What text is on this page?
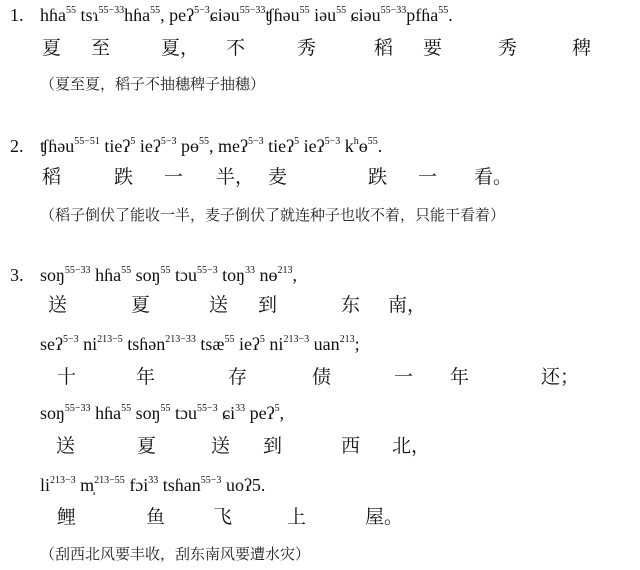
1. hɦa$^{55}$ tsɿ$^{55-33}$hɦa$^{55}$, peʔ$^{5-3}$ɕiəu$^{55-33}$ʧɦəu$^{55}$ iəu$^{55}$ ɕiəu$^{55-33}$pfɦa$^{55}$.
夏 至	夏， 不	秀	稻 要	秀	稗
（夏至夏，稻子不抽穗稗子抽穗）
2. ʧɦəu$^{55-51}$ tieʔ$^5$ ieʔ$^{5-3}$ pɵ$^{55}$, meʔ$^{5-3}$ tieʔ$^5$ ieʔ$^{5-3}$ $k^hɵ^{55}$.
稻	跌 一 半， 麦	跌 一 看。
（稻子倒伏了能收一半，麦子倒伏了就连种子也收不着，只能干看着）
3. soŋ$^{55-33}$ hɦa$^{55}$ soŋ$^{55}$ tɔu$^{55-3}$ toŋ$^{33}$ nɵ$^{213}$,
送	夏	送 到	东 南，
seʔ$^{5-3}$ $ni^{213-5}$ tsɦən$^{213-33}$ tsæ$^{55}$ ieʔ$^5$ $ni^{213-3}$ uan$^{213}$;
十	年	存	债	一 年	还；
soŋ$^{55-33}$ hɦa$^{55}$ soŋ$^{55}$ tɔu$^{55-3}$ ɕi$^{33}$ peʔ$^5$,
送	夏	送 到	西 北，
$li^{213-3}$ m̩$^{213-55}$ fɔi$^{33}$ tsɦan$^{55-3}$ uoʔ5.
鲤	鱼	飞	上	屋。
（刮西北风要丰收，刮东南风要遭水灾）
